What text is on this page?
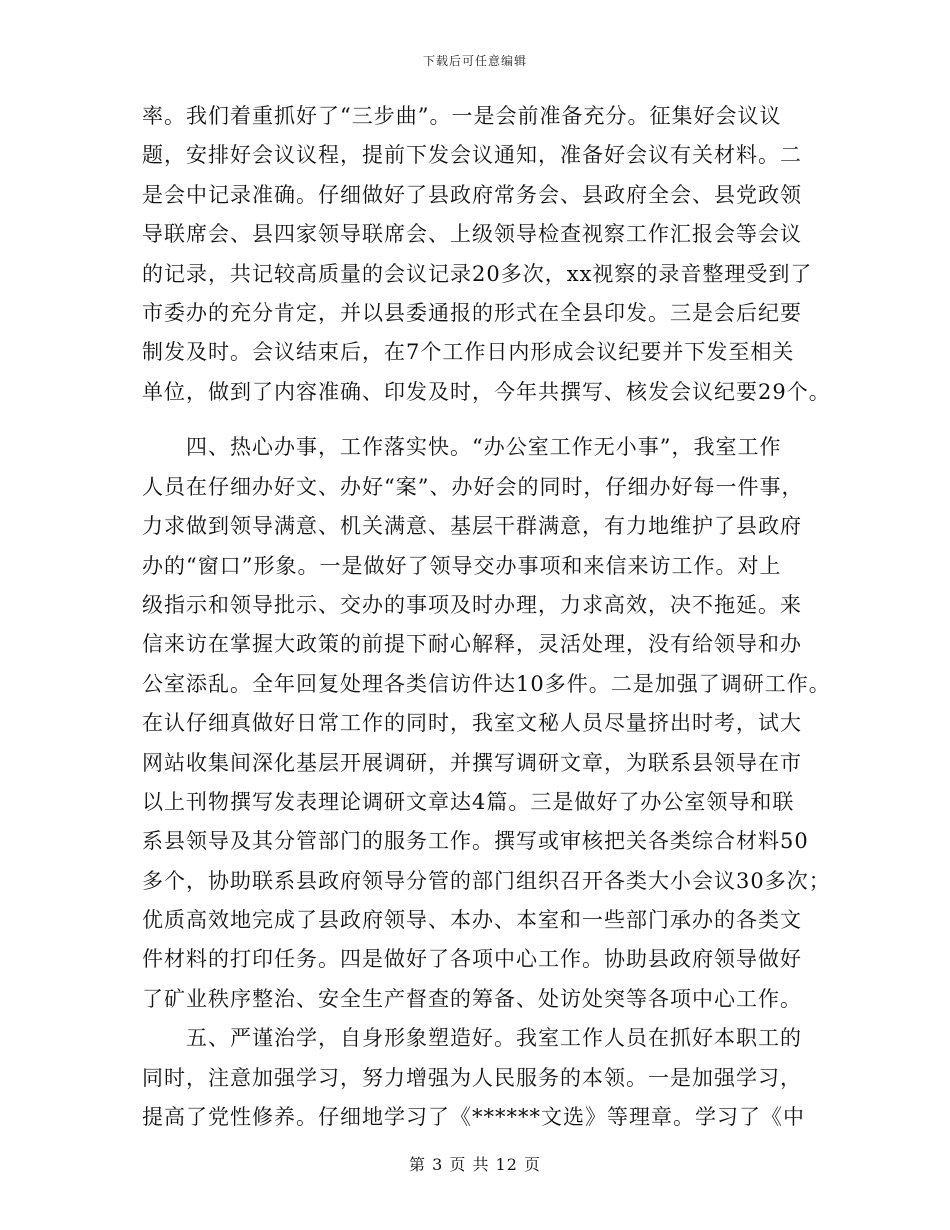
下载后可任意编辑
率。我们着重抓好了“三步曲”。一是会前准备充分。征集好会议议
题，安排好会议议程，提前下发会议通知，准备好会议有关材料。二
是会中记录准确。仔细做好了县政府常务会、县政府全会、县党政领
导联席会、县四家领导联席会、上级领导检查视察工作汇报会等会议
的记录，共记较高质量的会议记录20多次，xx视察的录音整理受到了
市委办的充分肯定，并以县委通报的形式在全县印发。三是会后纪要
制发及时。会议结束后，在7个工作日内形成会议纪要并下发至相关
单位，做到了内容准确、印发及时，今年共撰写、核发会议纪要29个。
四、热心办事，工作落实快。“办公室工作无小事”，我室工作
人员在仔细办好文、办好“案”、办好会的同时，仔细办好每一件事，
力求做到领导满意、机关满意、基层干群满意，有力地维护了县政府
办的“窗口”形象。一是做好了领导交办事项和来信来访工作。对上
级指示和领导批示、交办的事项及时办理，力求高效，决不拖延。来
信来访在掌握大政策的前提下耐心解释，灵活处理，没有给领导和办
公室添乱。全年回复处理各类信访件达10多件。二是加强了调研工作。
在认仔细真做好日常工作的同时，我室文秘人员尽量挤出时考，试大
网站收集间深化基层开展调研，并撰写调研文章，为联系县领导在市
以上刊物撰写发表理论调研文章达4篇。三是做好了办公室领导和联
系县领导及其分管部门的服务工作。撰写或审核把关各类综合材料50
多个，协助联系县政府领导分管的部门组织召开各类大小会议30多次；
优质高效地完成了县政府领导、本办、本室和一些部门承办的各类文
件材料的打印任务。四是做好了各项中心工作。协助县政府领导做好
了矿业秩序整治、安全生产督查的筹备、处访处突等各项中心工作。
五、严谨治学，自身形象塑造好。我室工作人员在抓好本职工的
同时，注意加强学习，努力增强为人民服务的本领。一是加强学习，
提高了党性修养。仔细地学习了《******文选》等理章。学习了《中
第 3 页 共 12 页
